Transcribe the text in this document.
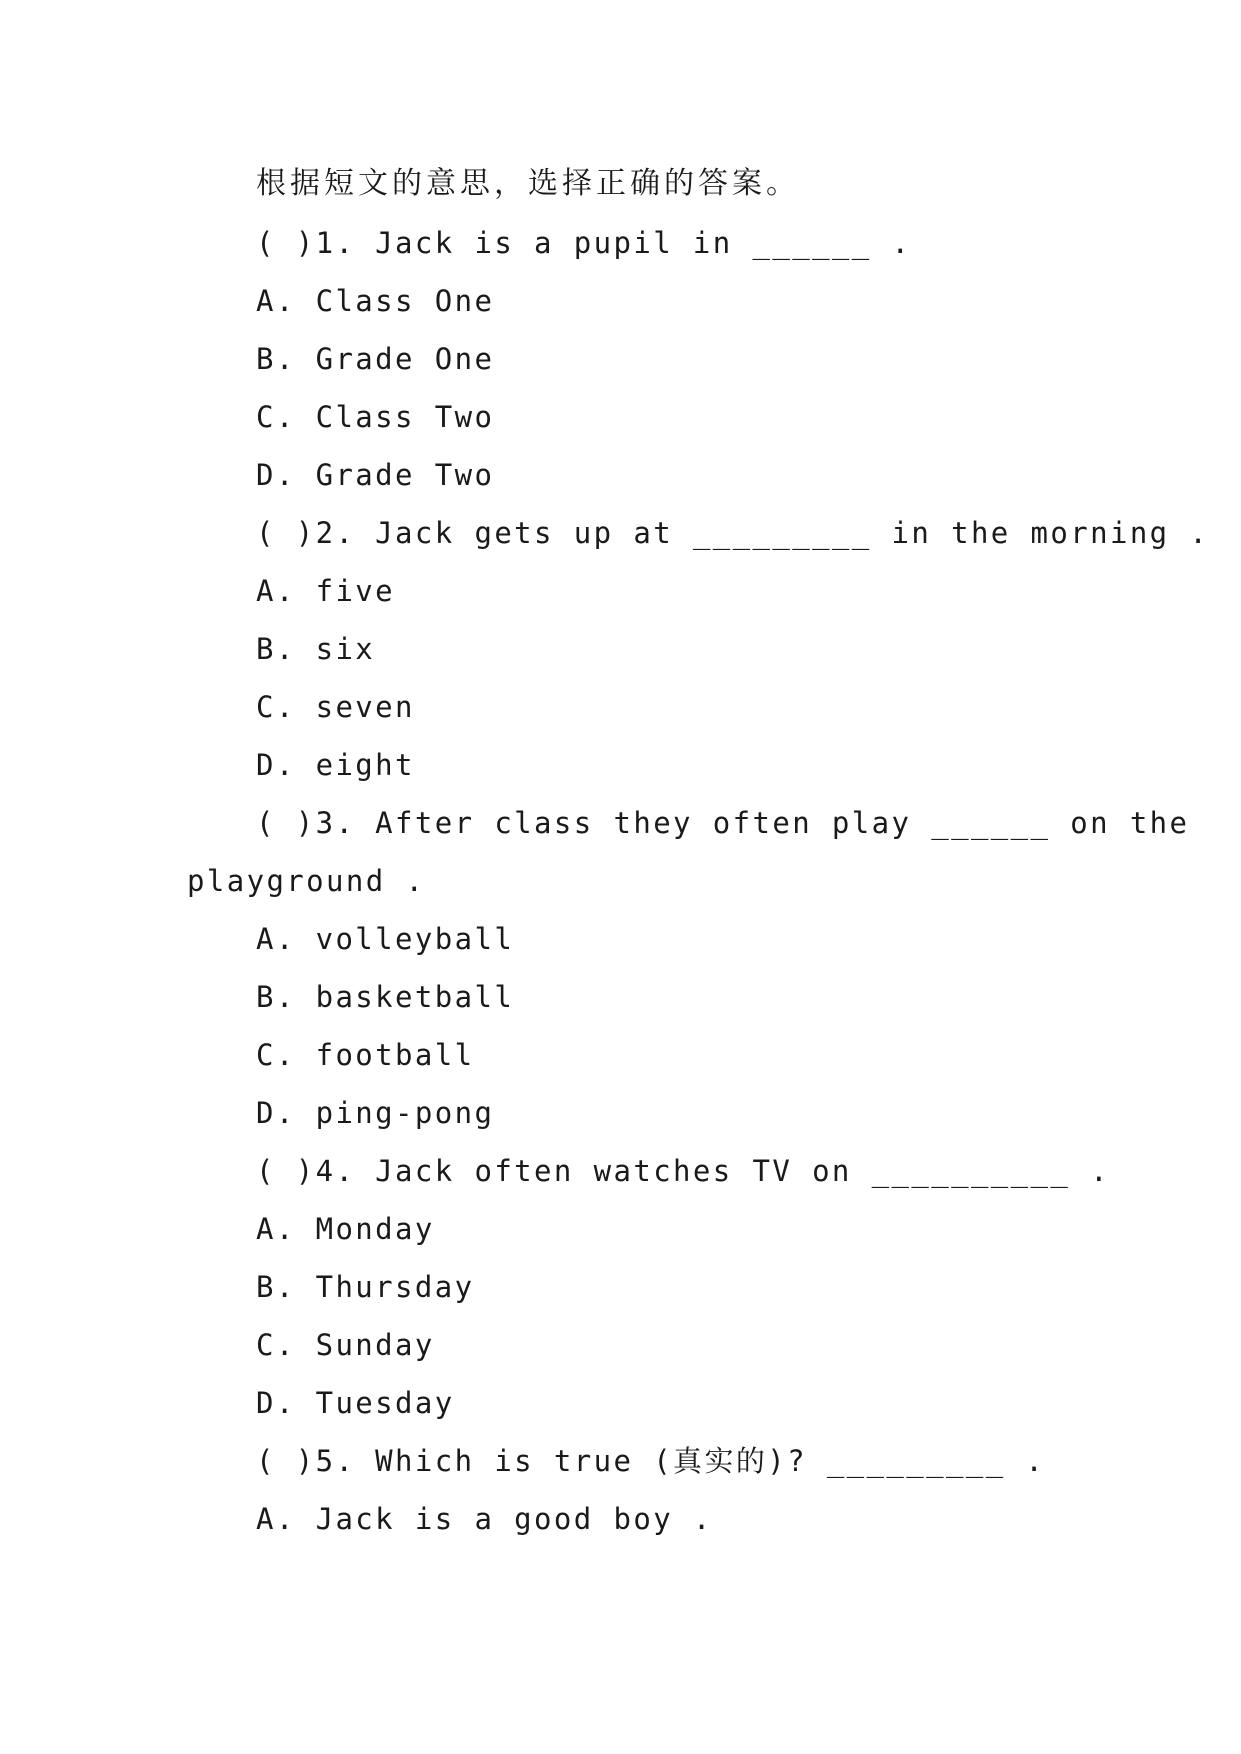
根据短文的意思，选择正确的答案。
( )1. Jack is a pupil in ______ .
A. Class One
B. Grade One
C. Class Two
D. Grade Two
( )2. Jack gets up at _________ in the morning .
A. five
B. six
C. seven
D. eight
( )3. After class they often play ______ on the
playground .
A. volleyball
B. basketball
C. football
D. ping-pong
( )4. Jack often watches TV on __________ .
A. Monday
B. Thursday
C. Sunday
D. Tuesday
( )5. Which is true (真实的)? _________ .
A. Jack is a good boy .
